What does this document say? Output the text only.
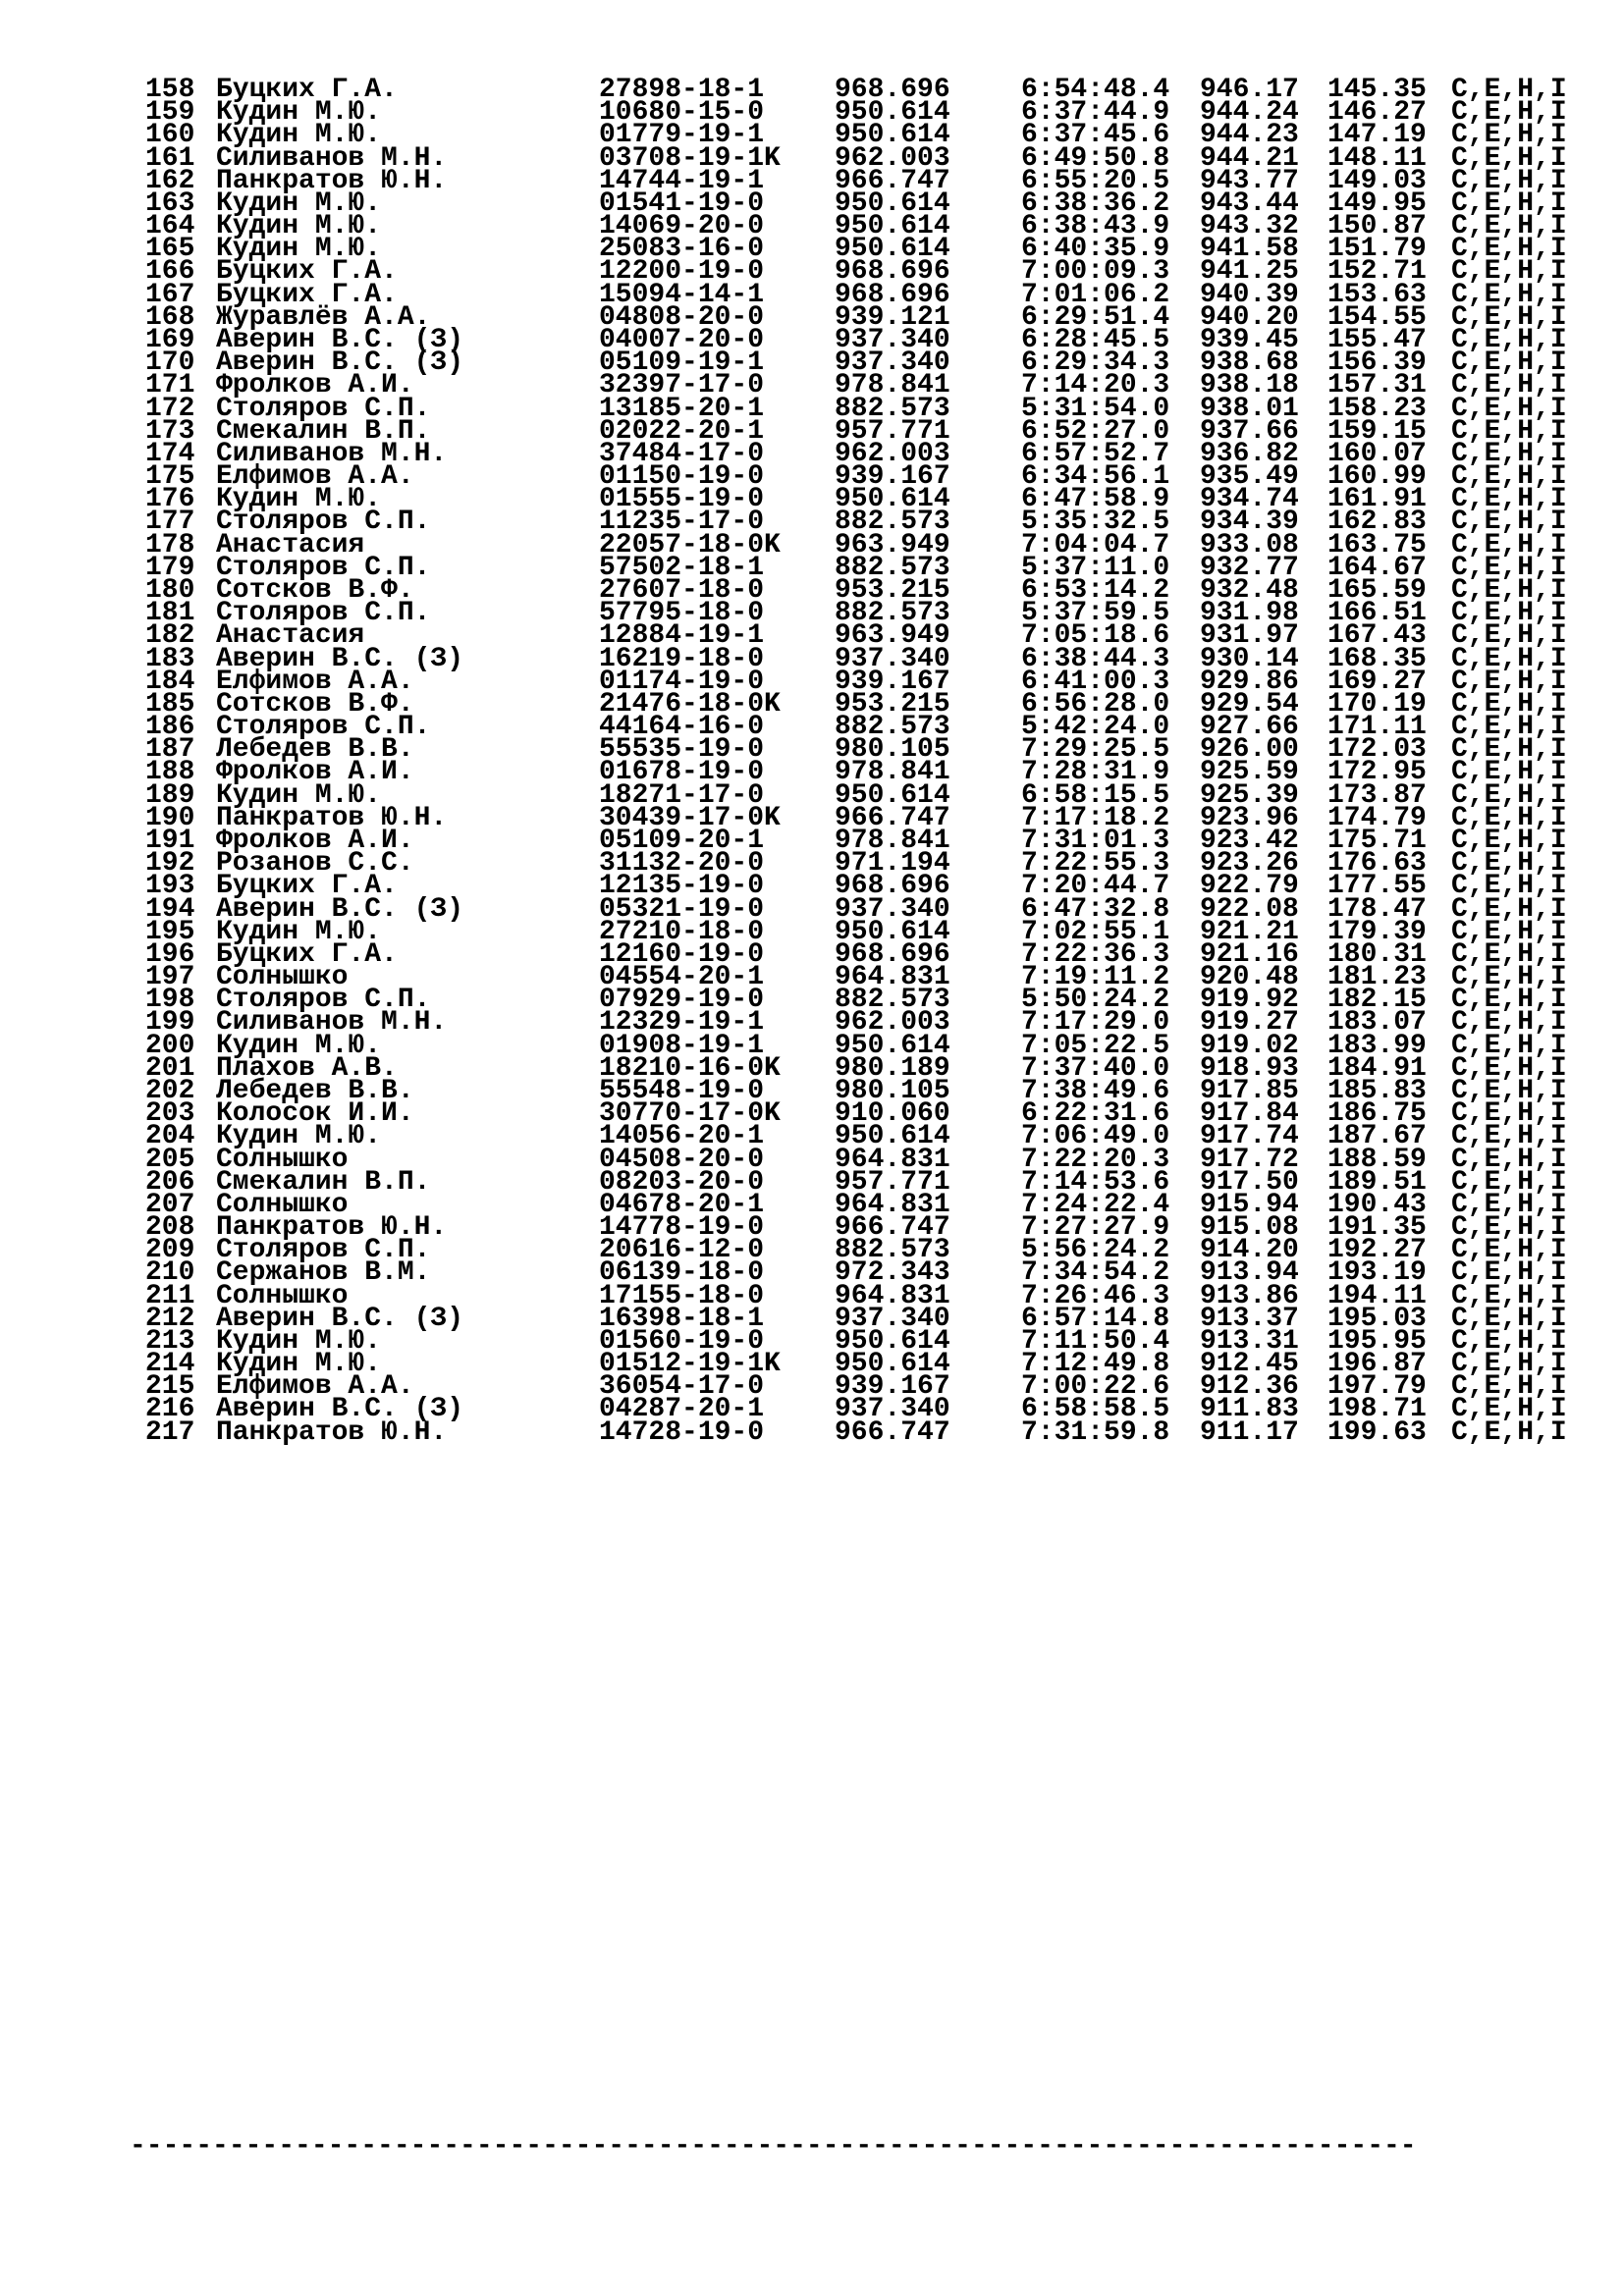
158 Буцких Г.А.	27898-18-1	968.696	6:54:48.4 946.17 145.35 C,E,H,I
159 Кудин М.Ю.	10680-15-0	950.614	6:37:44.9 944.24 146.27 C,E,H,I
160 Кудин М.Ю.	01779-19-1	950.614	6:37:45.6 944.23 147.19 C,E,H,I
161 Силиванов М.Н.	03708-19-1K 962.003	6:49:50.8 944.21 148.11 C,E,H,I
162 Панкратов Ю.Н.	14744-19-1	966.747	6:55:20.5 943.77 149.03 C,E,H,I
163 Кудин М.Ю.	01541-19-0	950.614	6:38:36.2 943.44 149.95 C,E,H,I
164 Кудин М.Ю.	14069-20-0	950.614	6:38:43.9 943.32 150.87 C,E,H,I
165 Кудин М.Ю.	25083-16-0	950.614	6:40:35.9 941.58 151.79 C,E,H,I
166 Буцких Г.А.	12200-19-0	968.696	7:00:09.3 941.25 152.71 C,E,H,I
167 Буцких Г.А.	15094-14-1	968.696	7:01:06.2 940.39 153.63 C,E,H,I
168 Журавлёв А.А.	04808-20-0	939.121	6:29:51.4 940.20 154.55 C,E,H,I
169 Аверин В.С. (З)	04007-20-0	937.340	6:28:45.5 939.45 155.47 C,E,H,I
170 Аверин В.С. (З)	05109-19-1	937.340	6:29:34.3 938.68 156.39 C,E,H,I
171 Фролков А.И.	32397-17-0	978.841	7:14:20.3 938.18 157.31 C,E,H,I
172 Столяров С.П.	13185-20-1	882.573	5:31:54.0 938.01 158.23 C,E,H,I
173 Смекалин В.П.	02022-20-1	957.771	6:52:27.0 937.66 159.15 C,E,H,I
174 Силиванов М.Н.	37484-17-0	962.003	6:57:52.7 936.82 160.07 C,E,H,I
175 Елфимов А.А.	01150-19-0	939.167	6:34:56.1 935.49 160.99 C,E,H,I
176 Кудин М.Ю.	01555-19-0	950.614	6:47:58.9 934.74 161.91 C,E,H,I
177 Столяров С.П.	11235-17-0	882.573	5:35:32.5 934.39 162.83 C,E,H,I
178 Анастасия	22057-18-0K 963.949	7:04:04.7 933.08 163.75 C,E,H,I
179 Столяров С.П.	57502-18-1	882.573	5:37:11.0 932.77 164.67 C,E,H,I
180 Сотсков В.Ф.	27607-18-0	953.215	6:53:14.2 932.48 165.59 C,E,H,I
181 Столяров С.П.	57795-18-0	882.573	5:37:59.5 931.98 166.51 C,E,H,I
182 Анастасия	12884-19-1	963.949	7:05:18.6 931.97 167.43 C,E,H,I
183 Аверин В.С. (З)	16219-18-0	937.340	6:38:44.3 930.14 168.35 C,E,H,I
184 Елфимов А.А.	01174-19-0	939.167	6:41:00.3 929.86 169.27 C,E,H,I
185 Сотсков В.Ф.	21476-18-0K 953.215	6:56:28.0 929.54 170.19 C,E,H,I
186 Столяров С.П.	44164-16-0	882.573	5:42:24.0 927.66 171.11 C,E,H,I
187 Лебедев В.В.	55535-19-0	980.105	7:29:25.5 926.00 172.03 C,E,H,I
188 Фролков А.И.	01678-19-0	978.841	7:28:31.9 925.59 172.95 C,E,H,I
189 Кудин М.Ю.	18271-17-0	950.614	6:58:15.5 925.39 173.87 C,E,H,I
190 Панкратов Ю.Н.	30439-17-0K 966.747	7:17:18.2 923.96 174.79 C,E,H,I
191 Фролков А.И.	05109-20-1	978.841	7:31:01.3 923.42 175.71 C,E,H,I
192 Розанов С.С.	31132-20-0	971.194	7:22:55.3 923.26 176.63 C,E,H,I
193 Буцких Г.А.	12135-19-0	968.696	7:20:44.7 922.79 177.55 C,E,H,I
194 Аверин В.С. (З)	05321-19-0	937.340	6:47:32.8 922.08 178.47 C,E,H,I
195 Кудин М.Ю.	27210-18-0	950.614	7:02:55.1 921.21 179.39 C,E,H,I
196 Буцких Г.А.	12160-19-0	968.696	7:22:36.3 921.16 180.31 C,E,H,I
197 Солнышко	04554-20-1	964.831	7:19:11.2 920.48 181.23 C,E,H,I
198 Столяров С.П.	07929-19-0	882.573	5:50:24.2 919.92 182.15 C,E,H,I
199 Силиванов М.Н.	12329-19-1	962.003	7:17:29.0 919.27 183.07 C,E,H,I
200 Кудин М.Ю.	01908-19-1	950.614	7:05:22.5 919.02 183.99 C,E,H,I
201 Плахов А.В.	18210-16-0K 980.189	7:37:40.0 918.93 184.91 C,E,H,I
202 Лебедев В.В.	55548-19-0	980.105	7:38:49.6 917.85 185.83 C,E,H,I
203 Колосок И.И.	30770-17-0K 910.060	6:22:31.6 917.84 186.75 C,E,H,I
204 Кудин М.Ю.	14056-20-1	950.614	7:06:49.0 917.74 187.67 C,E,H,I
205 Солнышко	04508-20-0	964.831	7:22:20.3 917.72 188.59 C,E,H,I
206 Смекалин В.П.	08203-20-0	957.771	7:14:53.6 917.50 189.51 C,E,H,I
207 Солнышко	04678-20-1	964.831	7:24:22.4 915.94 190.43 C,E,H,I
208 Панкратов Ю.Н.	14778-19-0	966.747	7:27:27.9 915.08 191.35 C,E,H,I
209 Столяров С.П.	20616-12-0	882.573	5:56:24.2 914.20 192.27 C,E,H,I
210 Сержанов В.М.	06139-18-0	972.343	7:34:54.2 913.94 193.19 C,E,H,I
211 Солнышко	17155-18-0	964.831	7:26:46.3 913.86 194.11 C,E,H,I
212 Аверин В.С. (З)	16398-18-1	937.340	6:57:14.8 913.37 195.03 C,E,H,I
213 Кудин М.Ю.	01560-19-0	950.614	7:11:50.4 913.31 195.95 C,E,H,I
214 Кудин М.Ю.	01512-19-1K 950.614	7:12:49.8 912.45 196.87 C,E,H,I
215 Елфимов А.А.	36054-17-0	939.167	7:00:22.6 912.36 197.79 C,E,H,I
216 Аверин В.С. (З)	04287-20-1	937.340	6:58:58.5 911.83 198.71 C,E,H,I
217 Панкратов Ю.Н.	14728-19-0	966.747	7:31:59.8 911.17 199.63 C,E,H,I
------------------------------------------------------------------------------
